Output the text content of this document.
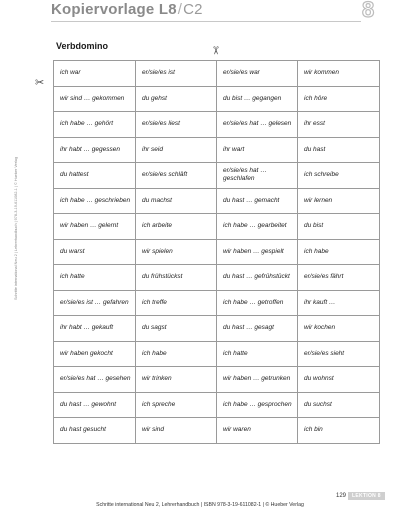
Kopiervorlage L8/C2	8
Verbdomino	✂
✂
ich war	er/sie/es ist	er/sie/es war	wir kommen
wir sind … gekommen	du gehst	du bist … gegangen	ich höre
ich habe … gehört	er/sie/es liest	er/sie/es hat … gelesen	ihr esst
ihr habt … gegessen	ihr seid	ihr wart	du hast
du hattest	er/sie/es schläft	er/sie/es hat … geschlafen	ich schreibe
ich habe … geschrieben	du machst	du hast … gemacht	wir lernen
wir haben … gelernt	ich arbeite	ich habe … gearbeitet	du bist
du warst	wir spielen	wir haben … gespielt	ich habe
ich hatte	du frühstückst	du hast … gefrühstückt	er/sie/es fährt
er/sie/es ist … gefahren	ich treffe	ich habe … getroffen	ihr kauft …
ihr habt … gekauft	du sagst	du hast … gesagt	wir kochen
wir haben gekocht	ich habe	ich hatte	er/sie/es sieht
er/sie/es hat … gesehen	wir trinken	wir haben … getrunken	du wohnst
du hast … gewohnt	ich spreche	ich habe … gesprochen	du suchst
du hast gesucht	wir sind	wir waren	ich bin
Schritte international Neu 2 | Lehrerhandbuch | 978-3-19-611082-1 | © Hueber Verlag
129	LEKTION 8
Schritte international Neu 2, Lehrerhandbuch | ISBN 978-3-19-611082-1 | © Hueber Verlag
